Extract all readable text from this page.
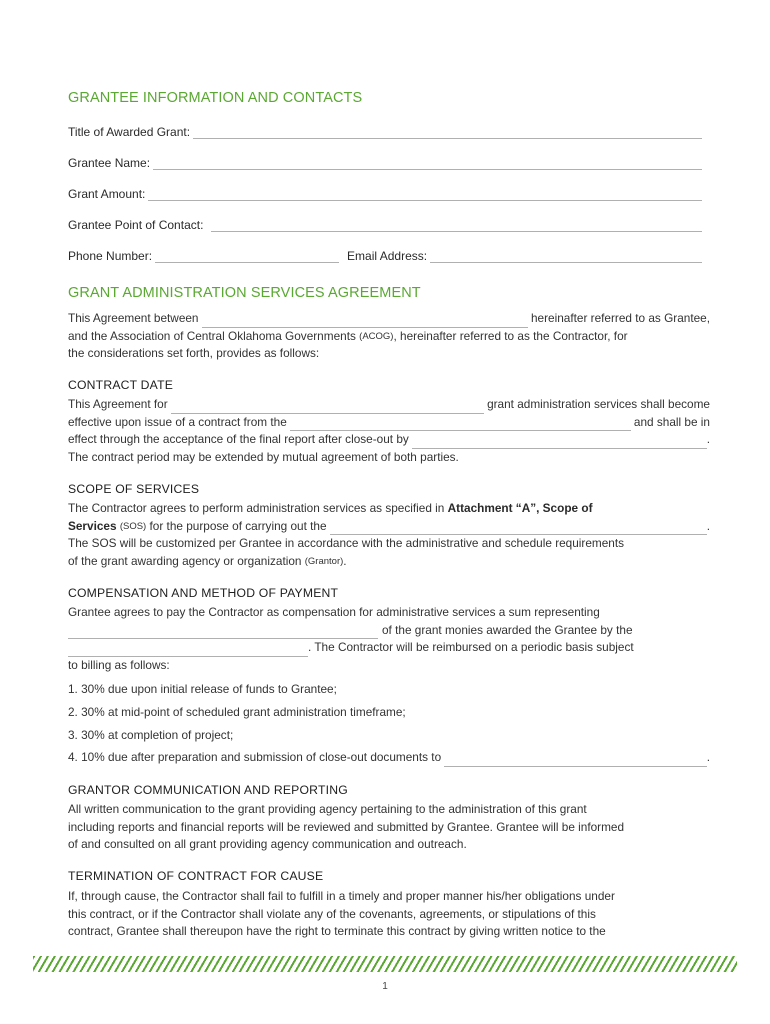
GRANTEE INFORMATION AND CONTACTS
Title of Awarded Grant:
Grantee Name:
Grant Amount:
Grantee Point of Contact:
Phone Number:	Email Address:
GRANT ADMINISTRATION SERVICES AGREEMENT
This Agreement between	hereinafter referred to as Grantee,
and the Association of Central Oklahoma Governments
(ACOG) , hereinafter referred to as the Contractor, for
the considerations set forth, provides as follows:
CONTRACT DATE
This Agreement for	grant administration services shall become
effective upon issue of a contract from the	and shall be in
effect through the acceptance of the final report after close-out by	.
The contract period may be extended by mutual agreement of both parties.
SCOPE OF SERVICES
The Contractor agrees to perform administration services as specified in
Attachment “A”, Scope of
Services
(SOS)
for the purpose of carrying out the	.
The SOS will be customized per Grantee in accordance with the administrative and schedule requirements
of the grant awarding agency or organization
(Grantor) .
COMPENSATION AND METHOD OF PAYMENT
Grantee agrees to pay the Contractor as compensation for administrative services a sum representing
of the grant monies awarded the Grantee by the
. The Contractor will be reimbursed on a periodic basis subject
to billing as follows:
1. 30% due upon initial release of funds to Grantee;
2. 30% at mid-point of scheduled grant administration timeframe;
3. 30% at completion of project;
4. 10% due after preparation and submission of close-out documents to	.
GRANTOR COMMUNICATION AND REPORTING
All written communication to the grant providing agency pertaining to the administration of this grant
including reports and financial reports will be reviewed and submitted by Grantee. Grantee will be informed
of and consulted on all grant providing agency communication and outreach.
TERMINATION OF CONTRACT FOR CAUSE
If, through cause, the Contractor shall fail to fulfill in a timely and proper manner his/her obligations under
this contract, or if the Contractor shall violate any of the covenants, agreements, or stipulations of this
contract, Grantee shall thereupon have the right to terminate this contract by giving written notice to the
1
